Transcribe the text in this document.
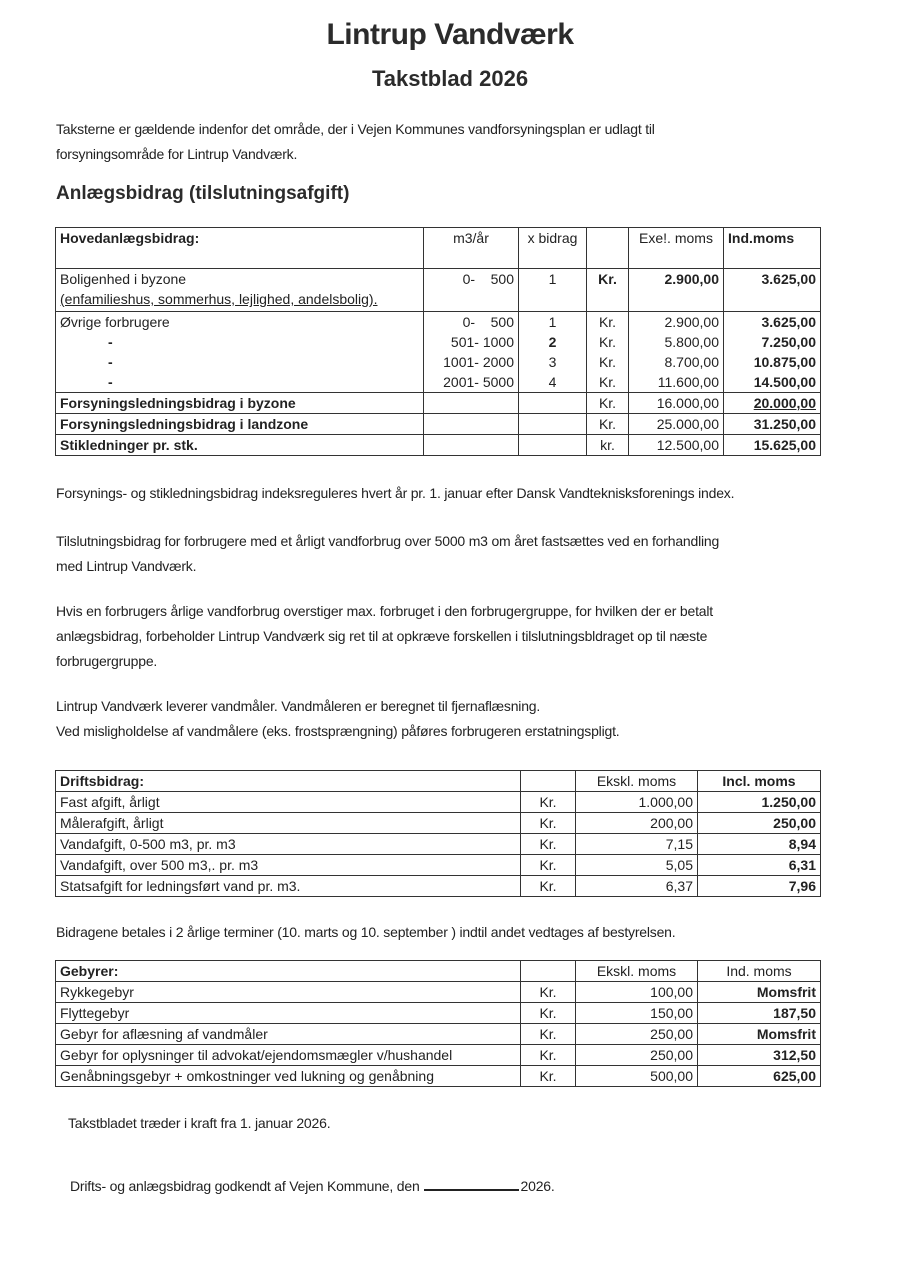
Lintrup Vandværk
Takstblad 2026
Taksterne er gældende indenfor det område, der i Vejen Kommunes vandforsyningsplan er udlagt til
forsyningsområde for Lintrup Vandværk.
Anlægsbidrag (tilslutningsafgift)
Hovedanlægsbidrag:	m3/år	x bidrag		Exe!. moms	Ind.moms

Boligenhed i byzone
(enfamilieshus, sommerhus, lejlighed, andelsbolig).	0- 500	1	Kr.	2.900,00	3.625,00
Øvrige forbrugere	0- 500	1	Kr.	2.900,00	3.625,00
-	501- 1000	2	Kr.	5.800,00	7.250,00
-	1001- 2000	3	Kr.	8.700,00	10.875,00
-	2001- 5000	4	Kr.	11.600,00	14.500,00
Forsyningsledningsbidrag i byzone			Kr.	16.000,00	20.000,00
Forsyningsledningsbidrag i landzone			Kr.	25.000,00	31.250,00
Stikledninger pr. stk.			kr.	12.500,00	15.625,00
Forsynings- og stikledningsbidrag indeksreguleres hvert år pr. 1. januar efter Dansk Vandteknisksforenings index.
Tilslutningsbidrag for forbrugere med et årligt vandforbrug over 5000 m3 om året fastsættes ved en forhandling
med Lintrup Vandværk.
Hvis en forbrugers årlige vandforbrug overstiger max. forbruget i den forbrugergruppe, for hvilken der er betalt
anlægsbidrag, forbeholder Lintrup Vandværk sig ret til at opkræve forskellen i tilslutningsbldraget op til næste
forbrugergruppe.
Lintrup Vandværk leverer vandmåler. Vandmåleren er beregnet til fjernaflæsning.
Ved misligholdelse af vandmålere (eks. frostsprængning) påføres forbrugeren erstatningspligt.
Driftsbidrag:		Ekskl. moms	Incl. moms
Fast afgift, årligt	Kr.	1.000,00	1.250,00
Målerafgift, årligt	Kr.	200,00	250,00
Vandafgift, 0-500 m3, pr. m3	Kr.	7,15	8,94
Vandafgift, over 500 m3,. pr. m3	Kr.	5,05	6,31
Statsafgift for ledningsført vand pr. m3.	Kr.	6,37	7,96
Bidragene betales i 2 årlige terminer (10. marts og 10. september ) indtil andet vedtages af bestyrelsen.
Gebyrer:		Ekskl. moms	Ind. moms
Rykkegebyr	Kr.	100,00	Momsfrit
Flyttegebyr	Kr.	150,00	187,50
Gebyr for aflæsning af vandmåler	Kr.	250,00	Momsfrit
Gebyr for oplysninger til advokat/ejendomsmægler v/hushandel	Kr.	250,00	312,50
Genåbningsgebyr + omkostninger ved lukning og genåbning	Kr.	500,00	625,00
Takstbladet træder i kraft fra 1. januar 2026.
Drifts- og anlægsbidrag godkendt af Vejen Kommune, den	2026.
